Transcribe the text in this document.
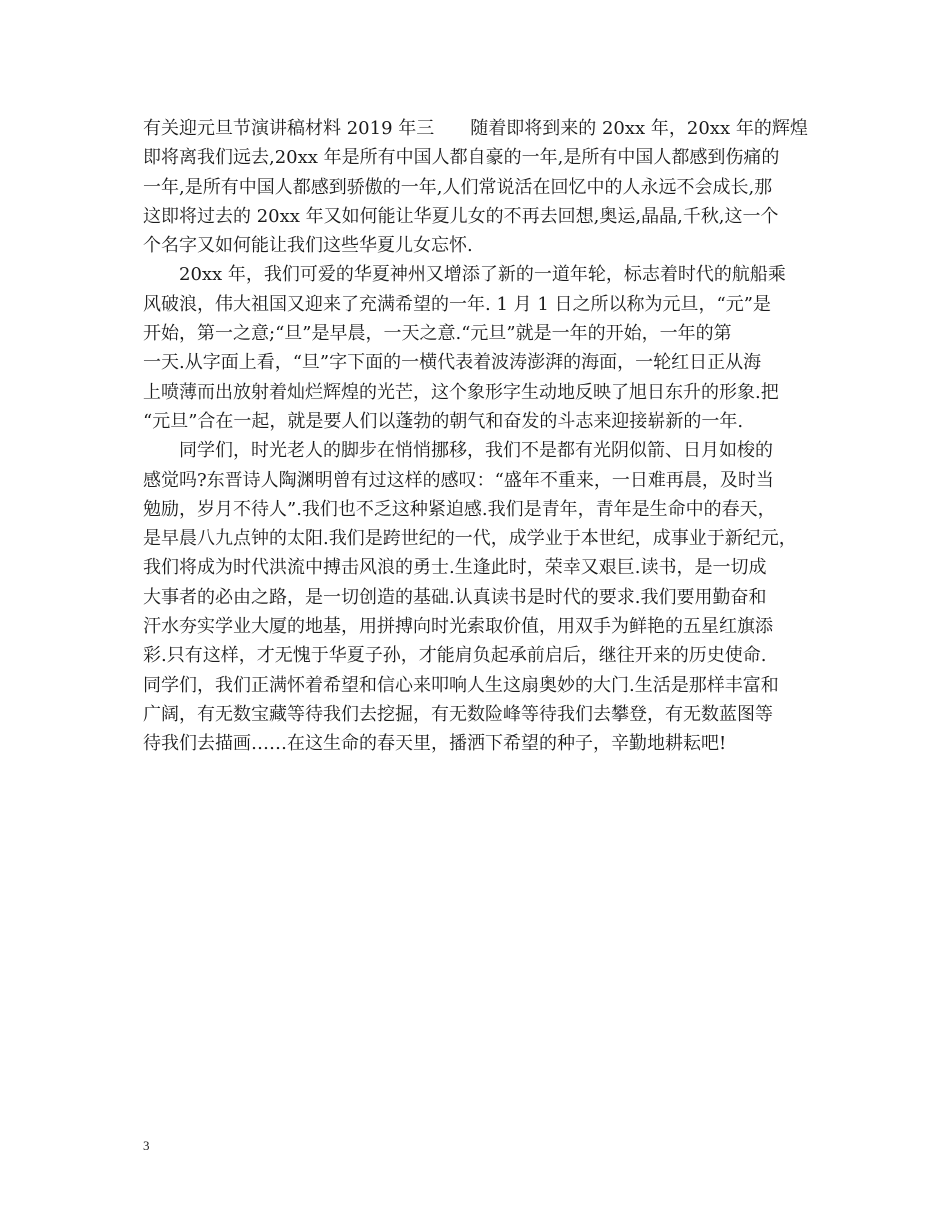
有关迎元旦节演讲稿材料 2019 年三　　随着即将到来的 20xx 年，20xx 年的辉煌
即将离我们远去,20xx 年是所有中国人都自豪的一年,是所有中国人都感到伤痛的
一年,是所有中国人都感到骄傲的一年,人们常说活在回忆中的人永远不会成长,那
这即将过去的 20xx 年又如何能让华夏儿女的不再去回想,奥运,晶晶,千秋,这一个
个名字又如何能让我们这些华夏儿女忘怀.
20xx 年，我们可爱的华夏神州又增添了新的一道年轮，标志着时代的航船乘
风破浪，伟大祖国又迎来了充满希望的一年. 1 月 1 日之所以称为元旦，“元”是
开始，第一之意;“旦”是早晨，一天之意.“元旦”就是一年的开始，一年的第
一天.从字面上看，“旦”字下面的一横代表着波涛澎湃的海面，一轮红日正从海
上喷薄而出放射着灿烂辉煌的光芒，这个象形字生动地反映了旭日东升的形象.把
“元旦”合在一起，就是要人们以蓬勃的朝气和奋发的斗志来迎接崭新的一年.
同学们，时光老人的脚步在悄悄挪移，我们不是都有光阴似箭、日月如梭的
感觉吗?东晋诗人陶渊明曾有过这样的感叹：“盛年不重来，一日难再晨，及时当
勉励，岁月不待人”.我们也不乏这种紧迫感.我们是青年，青年是生命中的春天，
是早晨八九点钟的太阳.我们是跨世纪的一代，成学业于本世纪，成事业于新纪元，
我们将成为时代洪流中搏击风浪的勇士.生逢此时，荣幸又艰巨.读书，是一切成
大事者的必由之路，是一切创造的基础.认真读书是时代的要求.我们要用勤奋和
汗水夯实学业大厦的地基，用拼搏向时光索取价值，用双手为鲜艳的五星红旗添
彩.只有这样，才无愧于华夏子孙，才能肩负起承前启后，继往开来的历史使命.
同学们，我们正满怀着希望和信心来叩响人生这扇奥妙的大门.生活是那样丰富和
广阔，有无数宝藏等待我们去挖掘，有无数险峰等待我们去攀登，有无数蓝图等
待我们去描画……在这生命的春天里，播洒下希望的种子，辛勤地耕耘吧!
3
